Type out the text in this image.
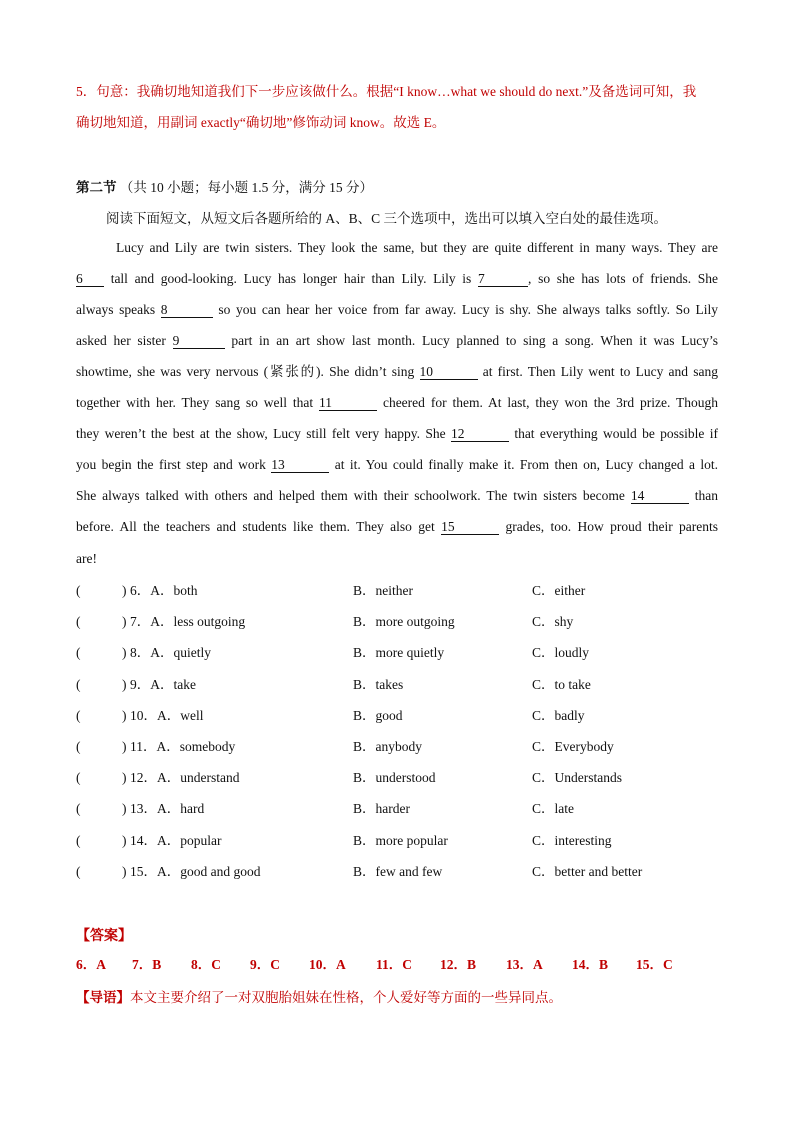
5．句意：我确切地知道我们下一步应该做什么。根据“I know…what we should do next.”及备选词可知，我
确切地知道，用副词 exactly“确切地”修饰动词 know。故选 E。
第二节 （共 10 小题；每小题 1.5 分，满分 15 分）
阅读下面短文，从短文后各题所给的 A、B、C 三个选项中，选出可以填入空白处的最佳选项。
Lucy and Lily are twin sisters. They look the same, but they are quite different in many ways. They are
6 tall and good-looking. Lucy has longer hair than Lily. Lily is 7	, so she has lots of friends. She
always speaks 8	so you can hear her voice from far away. Lucy is shy. She always talks softly. So Lily
asked her sister 9	part in an art show last month. Lucy planned to sing a song. When it was Lucy’s
showtime, she was very nervous (紧张的). She didn’t sing 10	at first. Then Lily went to Lucy and sang
together with her. They sang so well that 11	cheered for them. At last, they won the 3rd prize. Though
they weren’t the best at the show, Lucy still felt very happy. She 12	that everything would be possible if
you begin the first step and work 13	at it. You could finally make it. From then on, Lucy changed a lot.
She always talked with others and helped them with their schoolwork. The twin sisters become 14	than
before. All the teachers and students like them. They also get 15	grades, too. How proud their parents
are!
(	) 6．A．both	B．neither	C．either
(	) 7．A．less outgoing	B．more outgoing	C．shy
(	) 8．A．quietly	B．more quietly	C．loudly
(	) 9．A．take	B．takes	C．to take
(	) 10．A．well	B．good	C．badly
(	) 11．A．somebody	B．anybody	C．Everybody
(	) 12．A．understand	B．understood	C．Understands
(	) 13．A．hard	B．harder	C．late
(	) 14．A．popular	B．more popular	C．interesting
(	) 15．A．good and good	B．few and few	C．better and better
【答案】
6．A 7．B 8．C 9．C 10．A 11．C 12．B 13．A 14．B 15．C
【导语】本文主要介绍了一对双胞胎姐妹在性格，个人爱好等方面的一些异同点。
